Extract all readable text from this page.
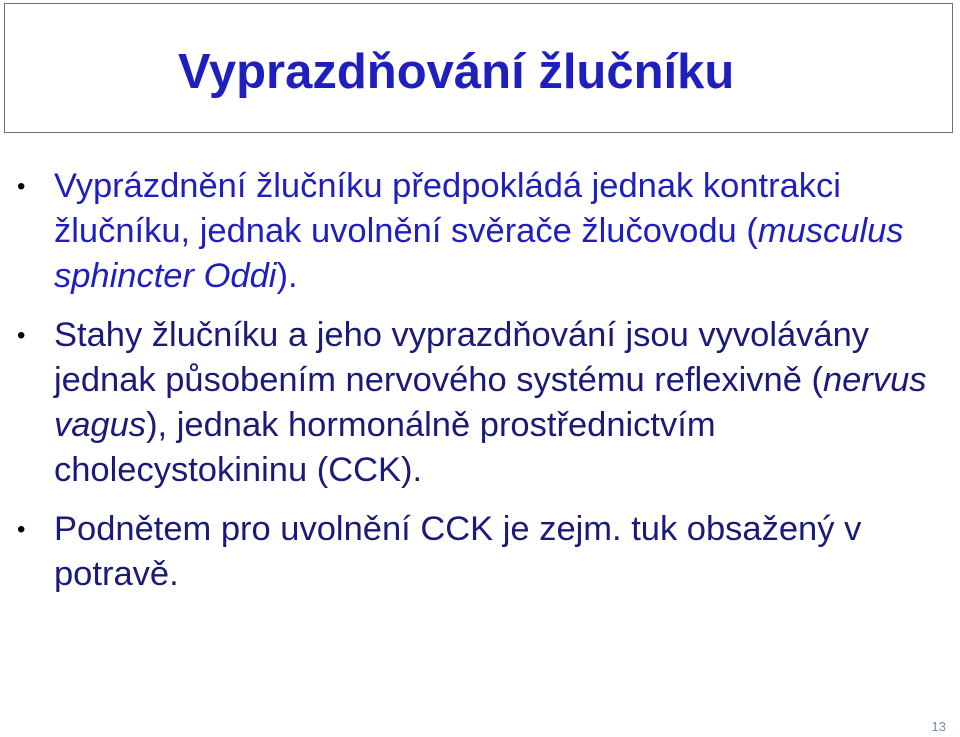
Vyprazdňování žlučníku
• Vyprázdnění žlučníku předpokládá jednak kontrakci žlučníku, jednak uvolnění svěrače žlučovodu (musculus sphincter Oddi).
• Stahy žlučníku a jeho vyprazdňování jsou vyvolávány jednak působením nervového systému reflexivně (nervus vagus), jednak hormonálně prostřednictvím cholecystokininu (CCK).
• Podnětem pro uvolnění CCK je zejm. tuk obsažený v potravě.
13
